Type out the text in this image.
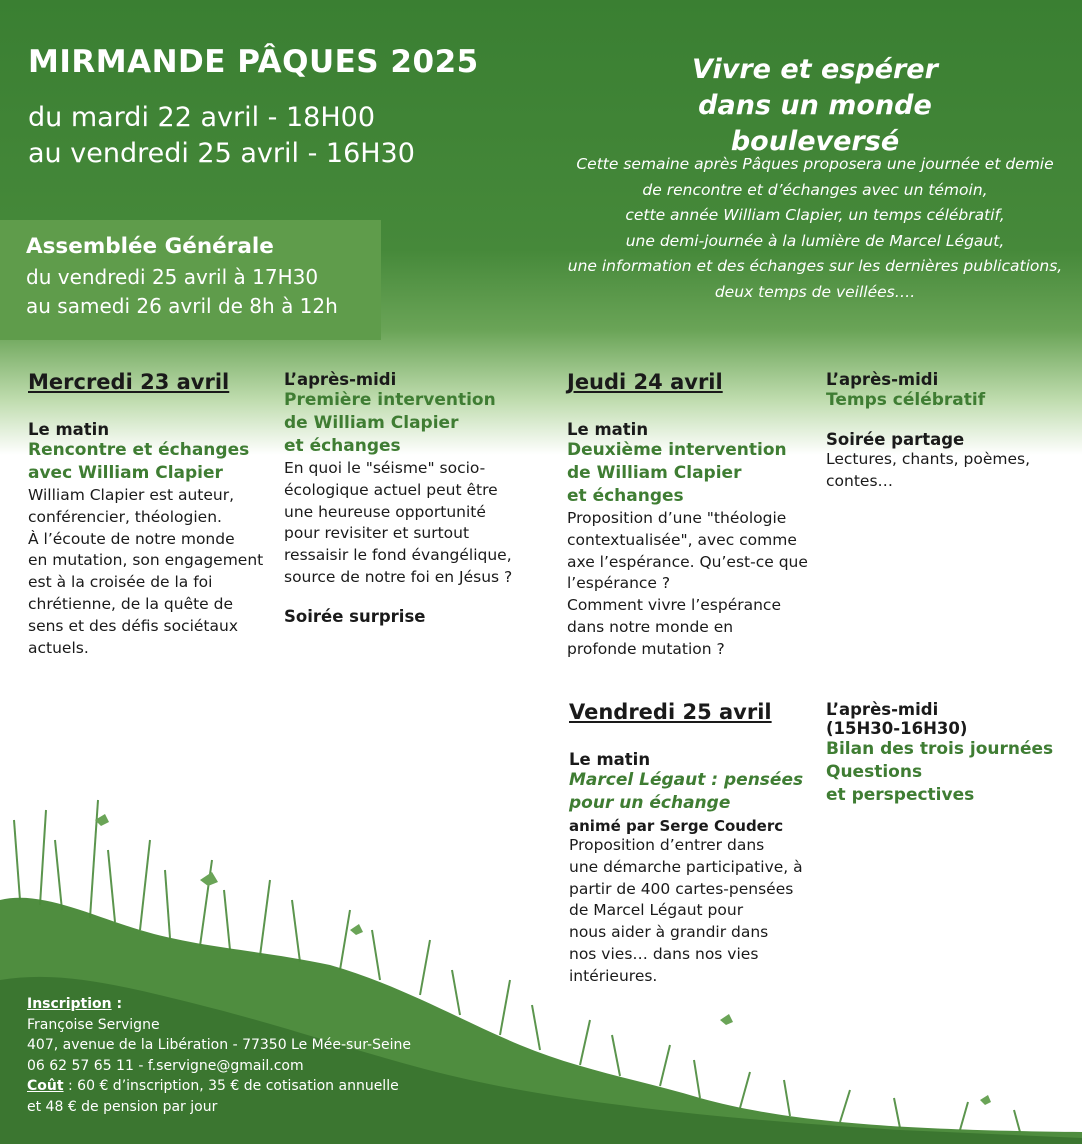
MIRMANDE PÂQUES 2025
du mardi 22 avril - 18H00
au vendredi 25 avril - 16H30
Vivre et espérer
dans un monde bouleversé
Cette semaine après Pâques proposera une journée et demie
de rencontre et d’échanges avec un témoin,
cette année William Clapier, un temps célébratif,
une demi-journée à la lumière de Marcel Légaut,
une information et des échanges sur les dernières publications,
deux temps de veillées….
Assemblée Générale
du vendredi 25 avril à 17H30
au samedi 26 avril de 8h à 12h
Mercredi 23 avril
Le matin
Rencontre et échanges
avec William Clapier
William Clapier est auteur,
conférencier, théologien.
À l’écoute de notre monde
en mutation, son engagement
est à la croisée de la foi
chrétienne, de la quête de
sens et des défis sociétaux
actuels.
L’après-midi
Première intervention
de William Clapier
et échanges
En quoi le "séisme" socio-
écologique actuel peut être
une heureuse opportunité
pour revisiter et surtout
ressaisir le fond évangélique,
source de notre foi en Jésus ?
Soirée surprise
Jeudi 24 avril
Le matin
Deuxième intervention
de William Clapier
et échanges
Proposition d’une "théologie
contextualisée", avec comme
axe l’espérance. Qu’est-ce que
l’espérance ?
Comment vivre l’espérance
dans notre monde en
profonde mutation ?
L’après-midi
Temps célébratif
Soirée partage
Lectures, chants, poèmes,
contes…
Vendredi 25 avril
Le matin
Marcel Légaut : pensées
pour un échange
animé par Serge Couderc
Proposition d’entrer dans
une démarche participative, à
partir de 400 cartes-pensées
de Marcel Légaut pour
nous aider à grandir dans
nos vies… dans nos vies
intérieures.
L’après-midi
(15H30-16H30)
Bilan des trois journées
Questions
et perspectives
Inscription :
Françoise Servigne
407, avenue de la Libération - 77350 Le Mée-sur-Seine
06 62 57 65 11 - f.servigne@gmail.com
Coût : 60 € d’inscription, 35 € de cotisation annuelle
et 48 € de pension par jour
